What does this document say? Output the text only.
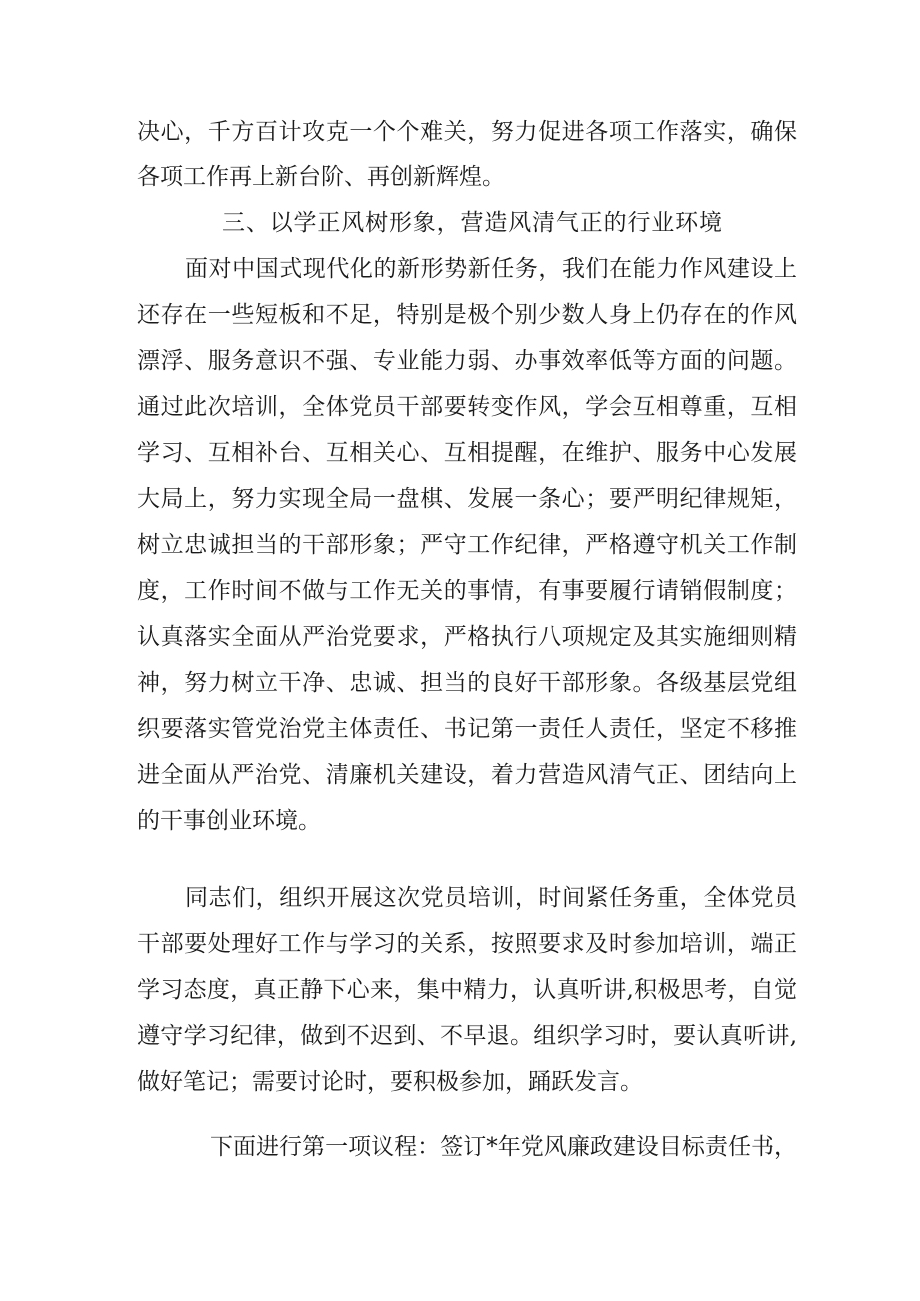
决心，千方百计攻克一个个难关，努力促进各项工作落实，确保
各项工作再上新台阶、再创新辉煌。
三、以学正风树形象，营造风清气正的行业环境
面对中国式现代化的新形势新任务，我们在能力作风建设上
还存在一些短板和不足，特别是极个别少数人身上仍存在的作风
漂浮、服务意识不强、专业能力弱、办事效率低等方面的问题。
通过此次培训，全体党员干部要转变作风，学会互相尊重，互相
学习、互相补台、互相关心、互相提醒，在维护、服务中心发展
大局上，努力实现全局一盘棋、发展一条心；要严明纪律规矩，
树立忠诚担当的干部形象；严守工作纪律，严格遵守机关工作制
度，工作时间不做与工作无关的事情，有事要履行请销假制度；
认真落实全面从严治党要求，严格执行八项规定及其实施细则精
神，努力树立干净、忠诚、担当的良好干部形象。各级基层党组
织要落实管党治党主体责任、书记第一责任人责任，坚定不移推
进全面从严治党、清廉机关建设，着力营造风清气正、团结向上
的干事创业环境。
同志们，组织开展这次党员培训，时间紧任务重，全体党员
干部要处理好工作与学习的关系，按照要求及时参加培训，端正
学习态度，真正静下心来，集中精力，认真听讲,积极思考，自觉
遵守学习纪律，做到不迟到、不早退。组织学习时，要认真听讲,
做好笔记；需要讨论时，要积极参加，踊跃发言。
下面进行第一项议程：签订*年党风廉政建设目标责任书，
